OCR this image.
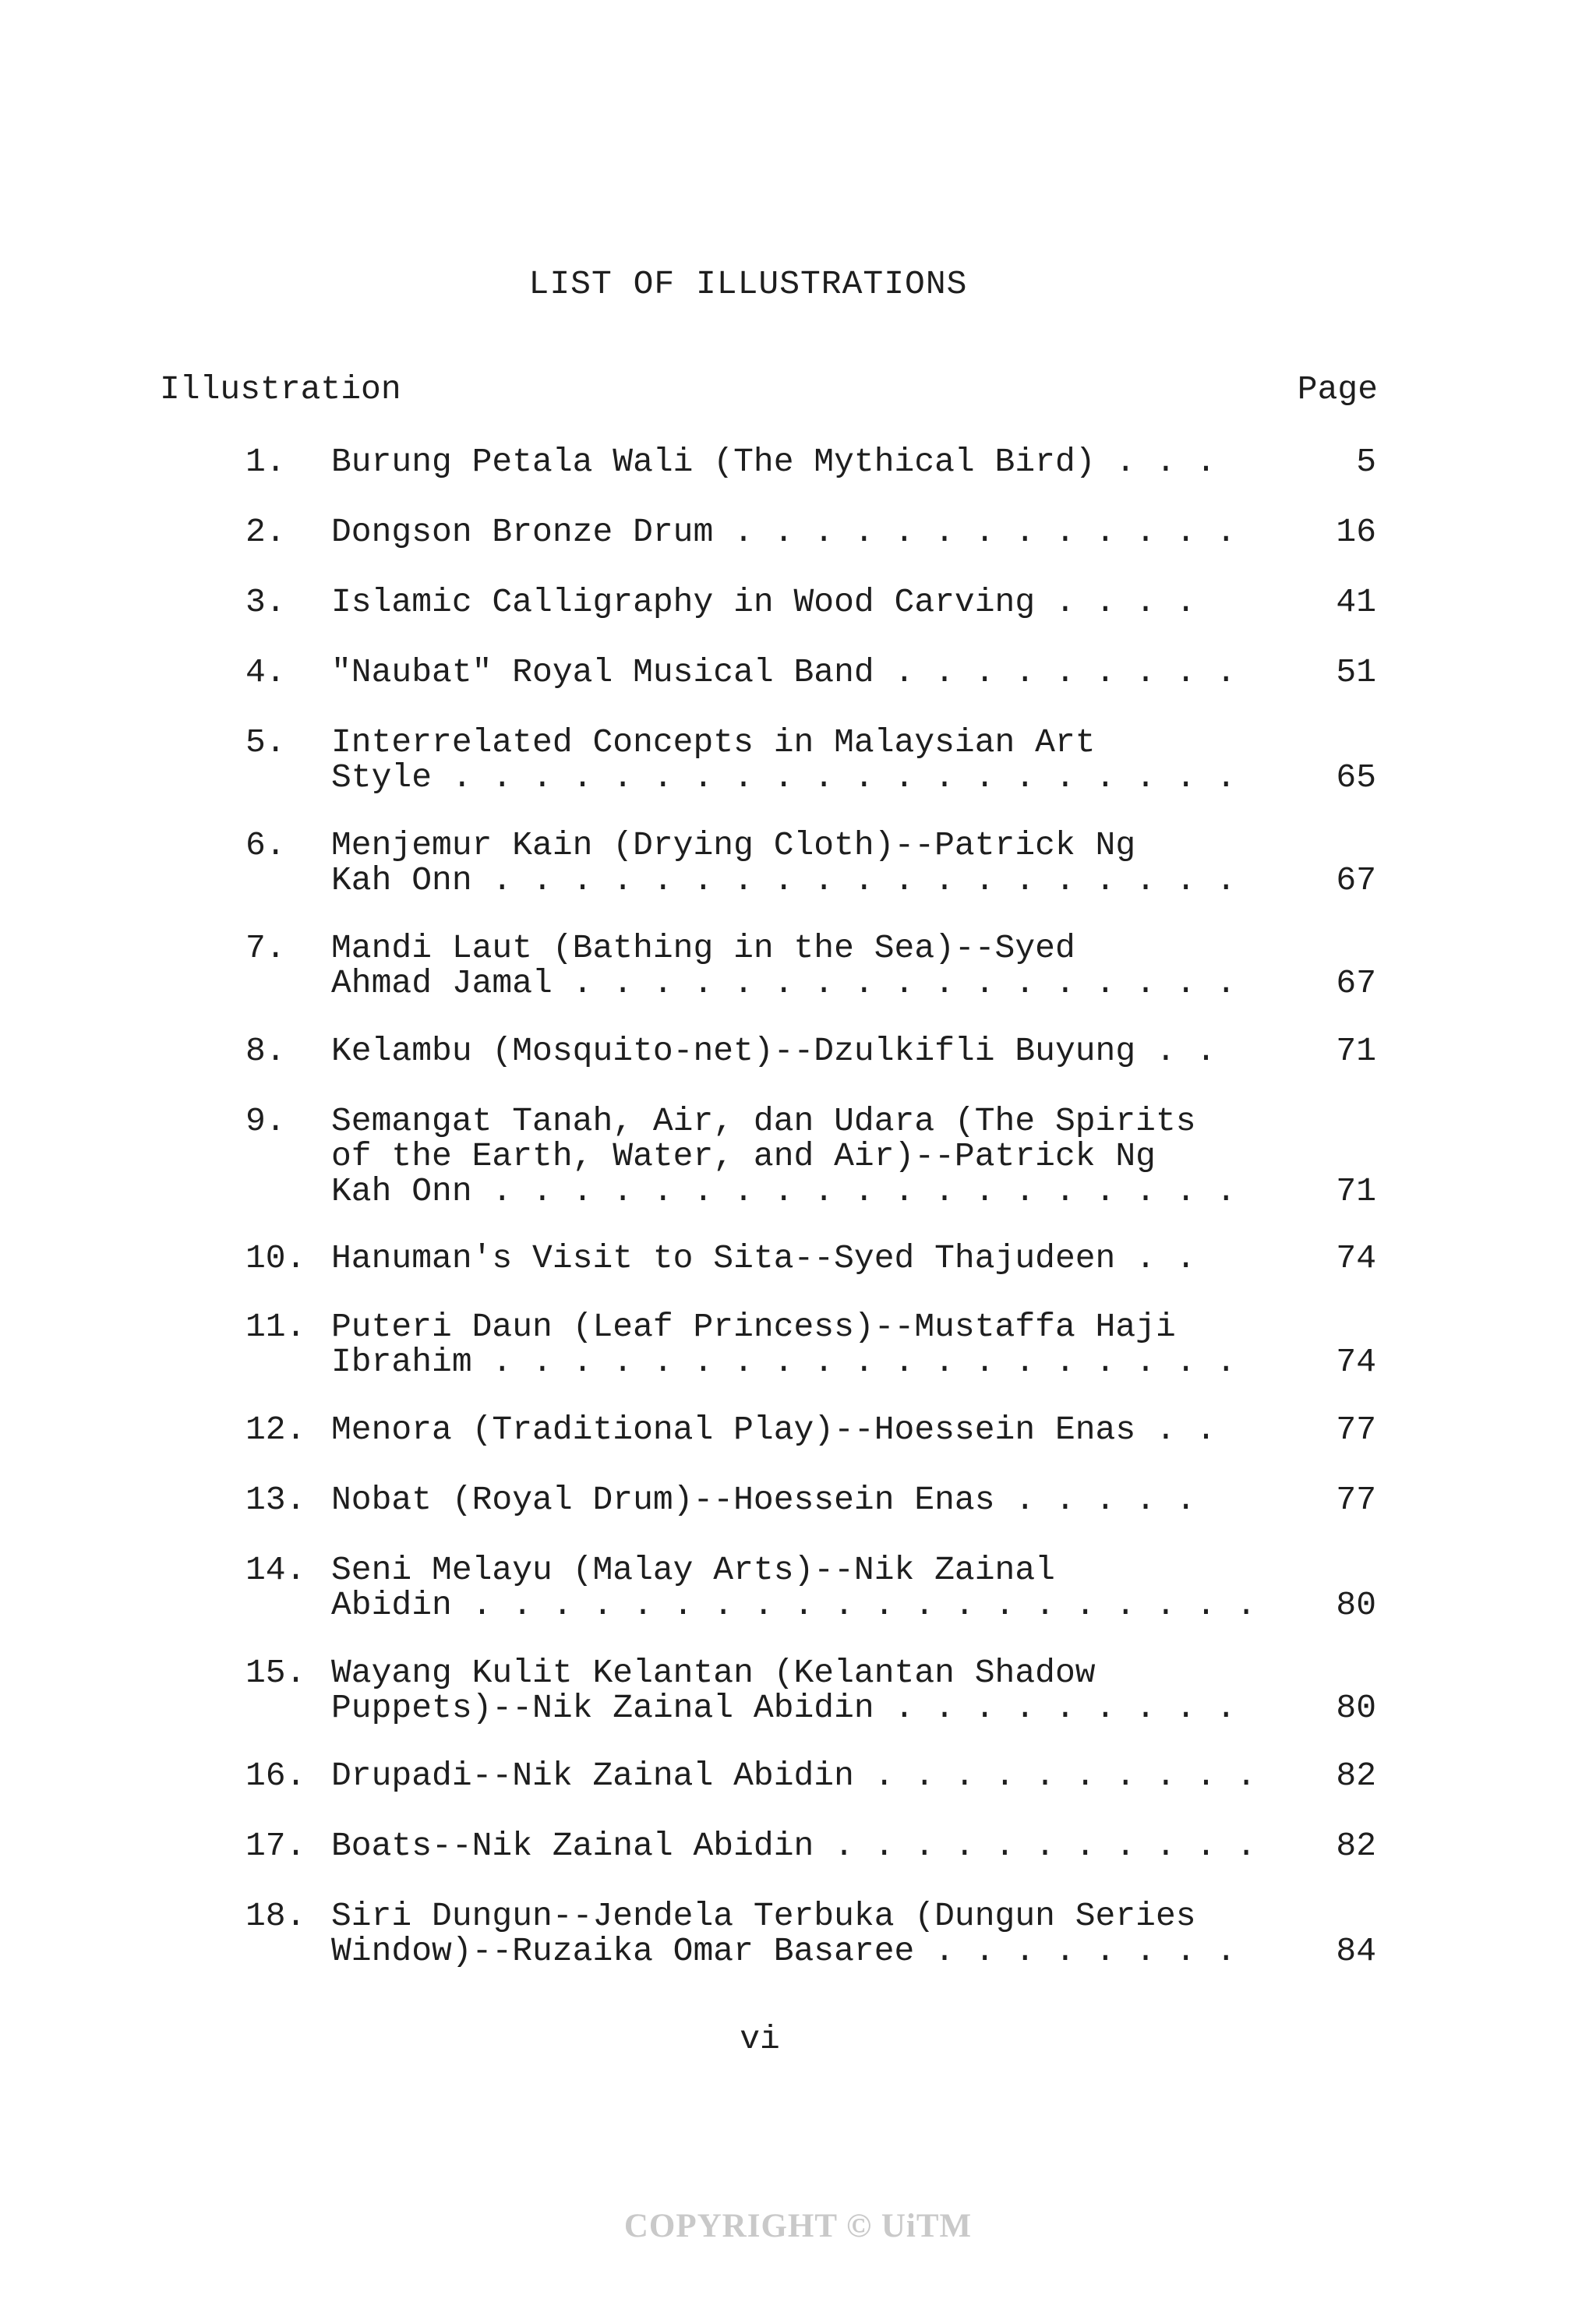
LIST OF ILLUSTRATIONS
Illustration	Page
1.	Burung Petala Wali (The Mythical Bird) . . .	5
2.	Dongson Bronze Drum . . . . . . . . . . . . .	16
3.	Islamic Calligraphy in Wood Carving . . . .	41
4.	"Naubat" Royal Musical Band . . . . . . . . .	51
5.	Interrelated Concepts in Malaysian Art
Style . . . . . . . . . . . . . . . . . . . .	65
6.	Menjemur Kain (Drying Cloth)--Patrick Ng
Kah Onn . . . . . . . . . . . . . . . . . . .	67
7.	Mandi Laut (Bathing in the Sea)--Syed
Ahmad Jamal . . . . . . . . . . . . . . . . .	67
8.	Kelambu (Mosquito-net)--Dzulkifli Buyung . .	71
9.	Semangat Tanah, Air, dan Udara (The Spirits
of the Earth, Water, and Air)--Patrick Ng
Kah Onn . . . . . . . . . . . . . . . . . . .	71
10. Hanuman's Visit to Sita--Syed Thajudeen . .	74
11. Puteri Daun (Leaf Princess)--Mustaffa Haji
Ibrahim . . . . . . . . . . . . . . . . . . .	74
12. Menora (Traditional Play)--Hoessein Enas . .	77
13. Nobat (Royal Drum)--Hoessein Enas . . . . .	77
14. Seni Melayu (Malay Arts)--Nik Zainal
Abidin . . . . . . . . . . . . . . . . . . . .	80
15. Wayang Kulit Kelantan (Kelantan Shadow
Puppets)--Nik Zainal Abidin . . . . . . . . .	80
16. Drupadi--Nik Zainal Abidin . . . . . . . . . .	82
17. Boats--Nik Zainal Abidin . . . . . . . . . . .	82
18. Siri Dungun--Jendela Terbuka (Dungun Series
Window)--Ruzaika Omar Basaree . . . . . . . .	84
vi
COPYRIGHT © UiTM
